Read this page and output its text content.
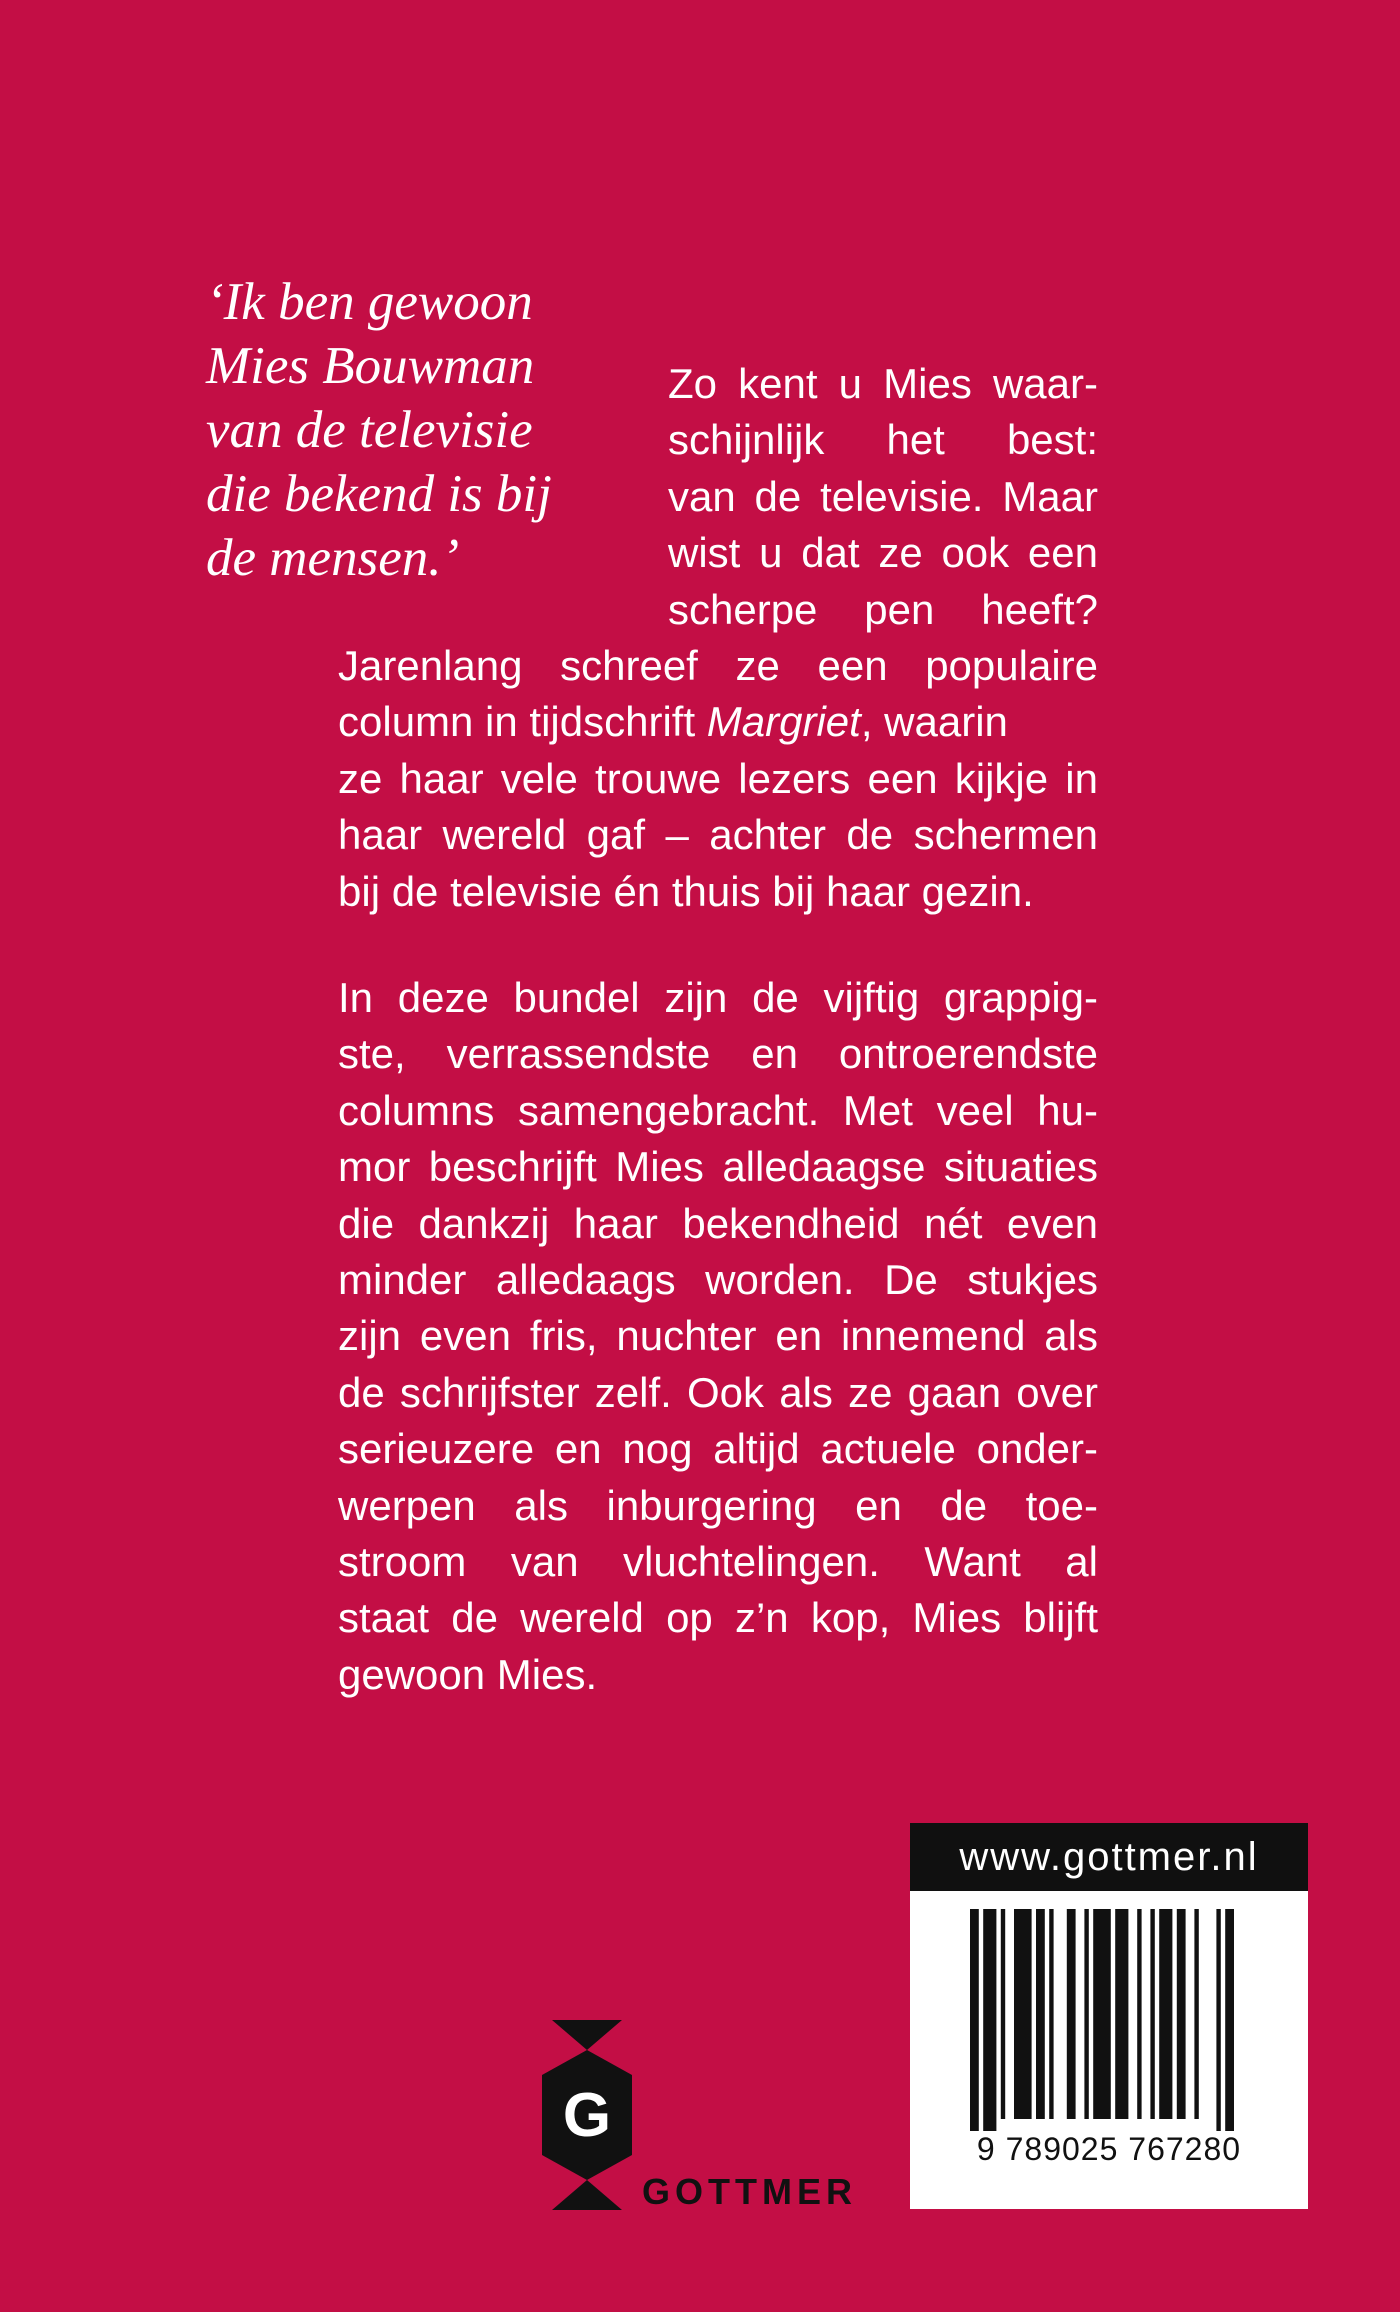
‘Ik ben gewoon
Mies Bouwman
van de televisie
die bekend is bij
de mensen.’
Zo kent u Mies waar-
schijnlijk het best:
van de televisie. Maar
wist u dat ze ook een
scherpe pen heeft?
Jarenlang schreef ze een populaire
column in tijdschrift Margriet, waarin
ze haar vele trouwe lezers een kijkje in
haar wereld gaf – achter de schermen
bij de televisie én thuis bij haar gezin.
In deze bundel zijn de vijftig grappig-
ste, verrassendste en ontroerendste
columns samengebracht. Met veel hu-
mor beschrijft Mies alledaagse situaties
die dankzij haar bekendheid nét even
minder alledaags worden. De stukjes
zijn even fris, nuchter en innemend als
de schrijfster zelf. Ook als ze gaan over
serieuzere en nog altijd actuele onder-
werpen als inburgering en de toe-
stroom van vluchtelingen. Want al
staat de wereld op z’n kop, Mies blijft
gewoon Mies.
www.gottmer.nl
9 789025 767280
G
GOTTMER
